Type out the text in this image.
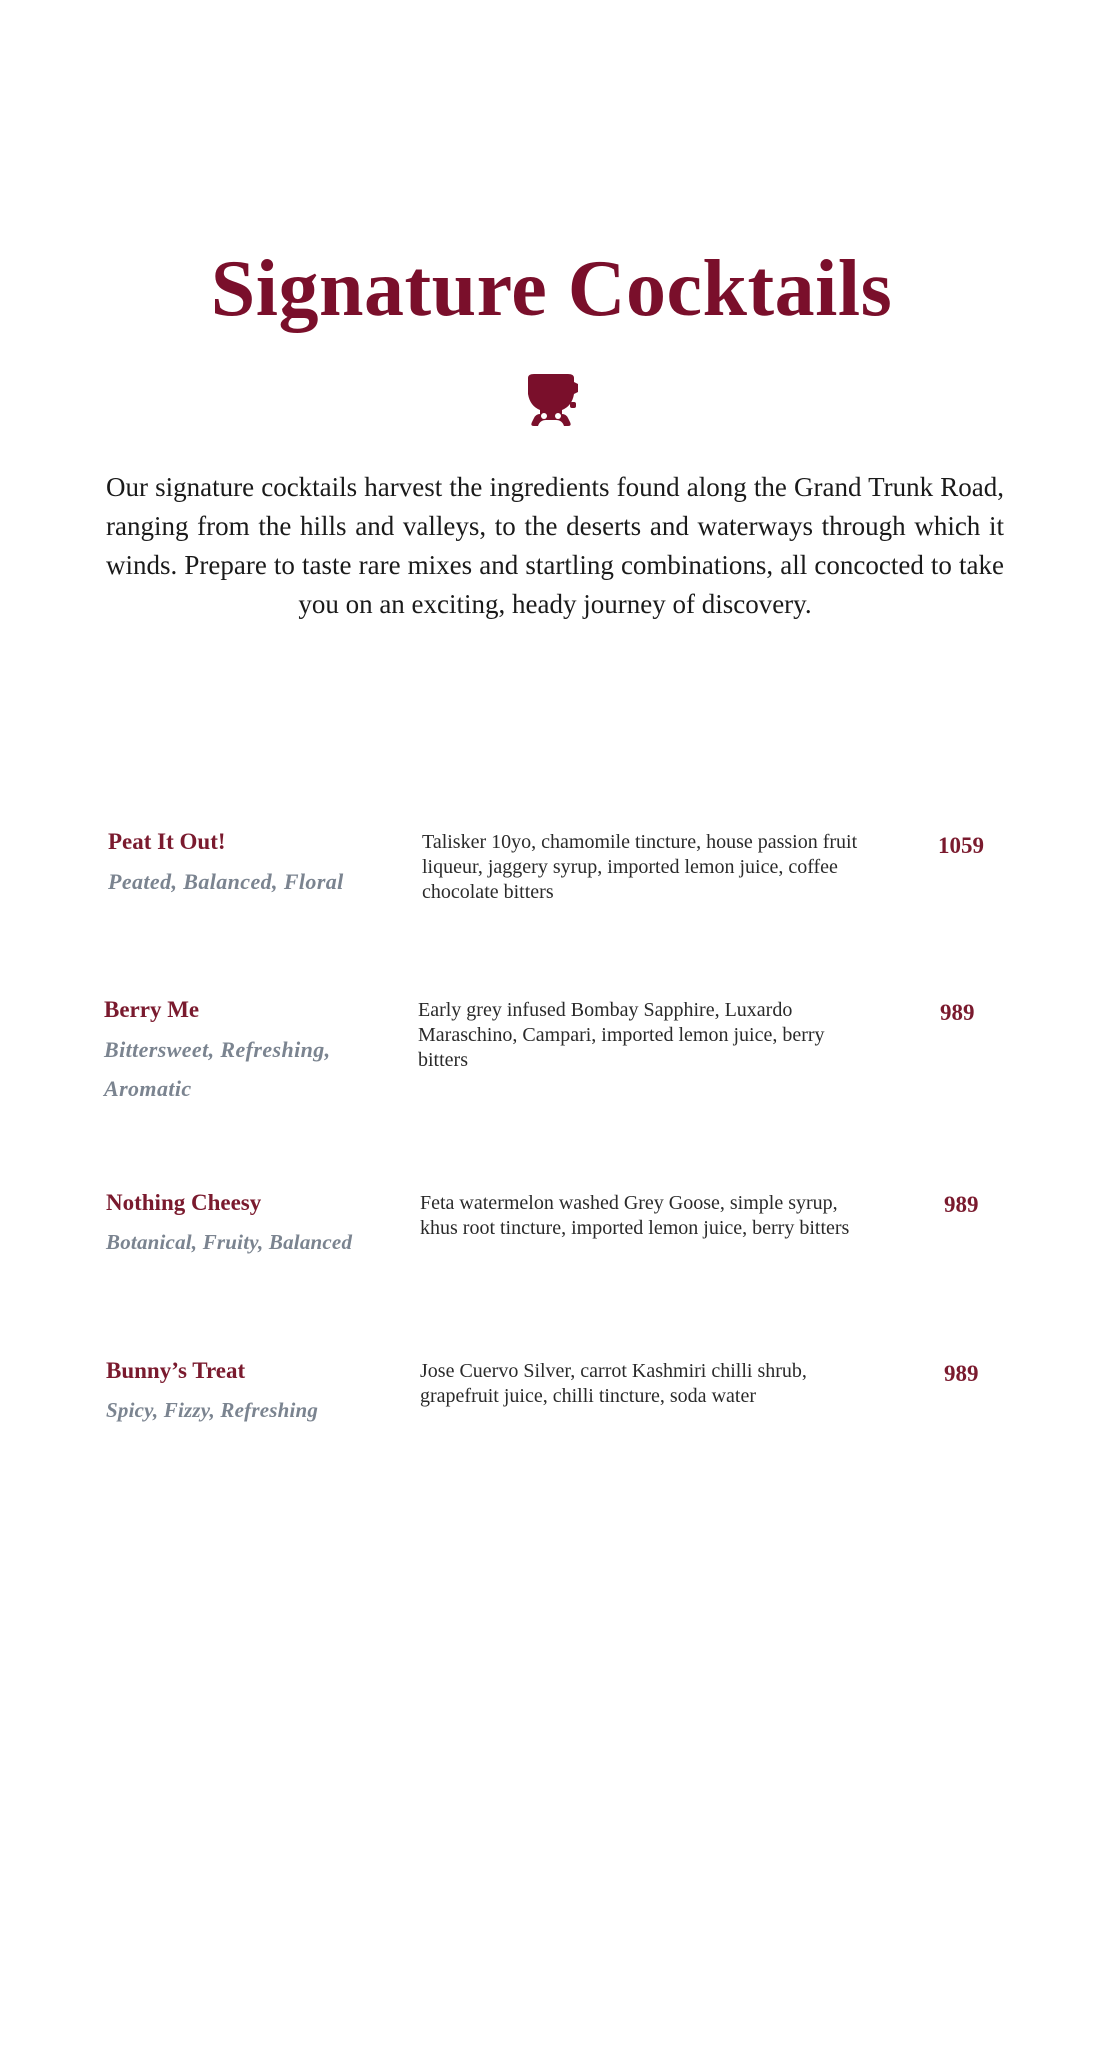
Signature Cocktails

Our signature cocktails harvest the ingredients found along the Grand Trunk Road, ranging from the hills and valleys, to the deserts and waterways through which it winds. Prepare to taste rare mixes and startling combinations, all concocted to take you on an exciting, heady journey of discovery.

Peat It Out!
Peated, Balanced, Floral
Talisker 10yo, chamomile tincture, house passion fruit liqueur, jaggery syrup, imported lemon juice, coffee chocolate bitters
1059
Berry Me
Bittersweet, Refreshing, Aromatic
Early grey infused Bombay Sapphire, Luxardo Maraschino, Campari, imported lemon juice, berry bitters
989
Nothing Cheesy
Botanical, Fruity, Balanced
Feta watermelon washed Grey Goose, simple syrup, khus root tincture, imported lemon juice, berry bitters
989
Bunny’s Treat
Spicy, Fizzy, Refreshing
Jose Cuervo Silver, carrot Kashmiri chilli shrub, grapefruit juice, chilli tincture, soda water
989
